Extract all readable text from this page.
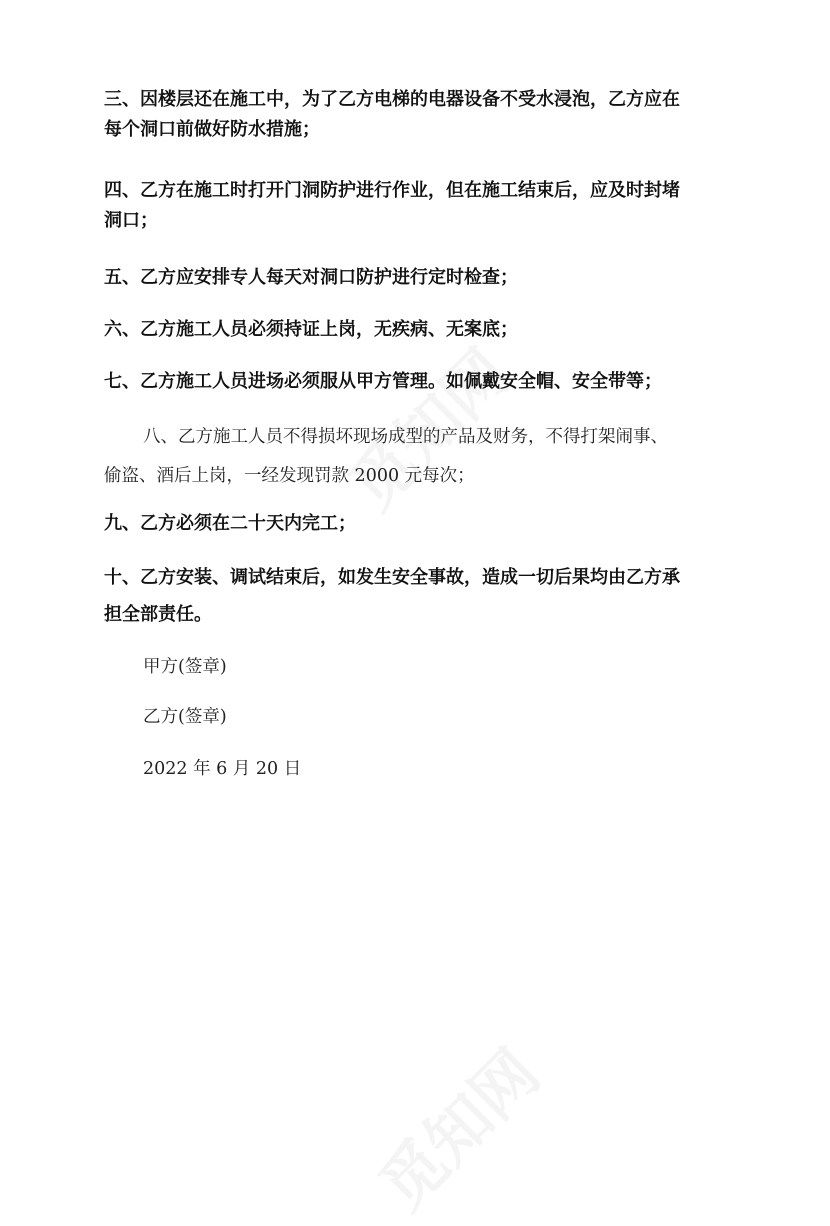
三、因楼层还在施工中，为了乙方电梯的电器设备不受水浸泡，乙方应在

每个洞口前做好防水措施；

四、乙方在施工时打开门洞防护进行作业，但在施工结束后，应及时封堵

洞口；

五、乙方应安排专人每天对洞口防护进行定时检查；

六、乙方施工人员必须持证上岗，无疾病、无案底；

七、乙方施工人员进场必须服从甲方管理。如佩戴安全帽、安全带等；

八、乙方施工人员不得损坏现场成型的产品及财务，不得打架闹事、

偷盗、酒后上岗，一经发现罚款 2000 元每次；

九、乙方必须在二十天内完工；

十、乙方安装、调试结束后，如发生安全事故，造成一切后果均由乙方承

担全部责任。

甲方(签章)

乙方(签章)

2022 年 6 月 20 日
